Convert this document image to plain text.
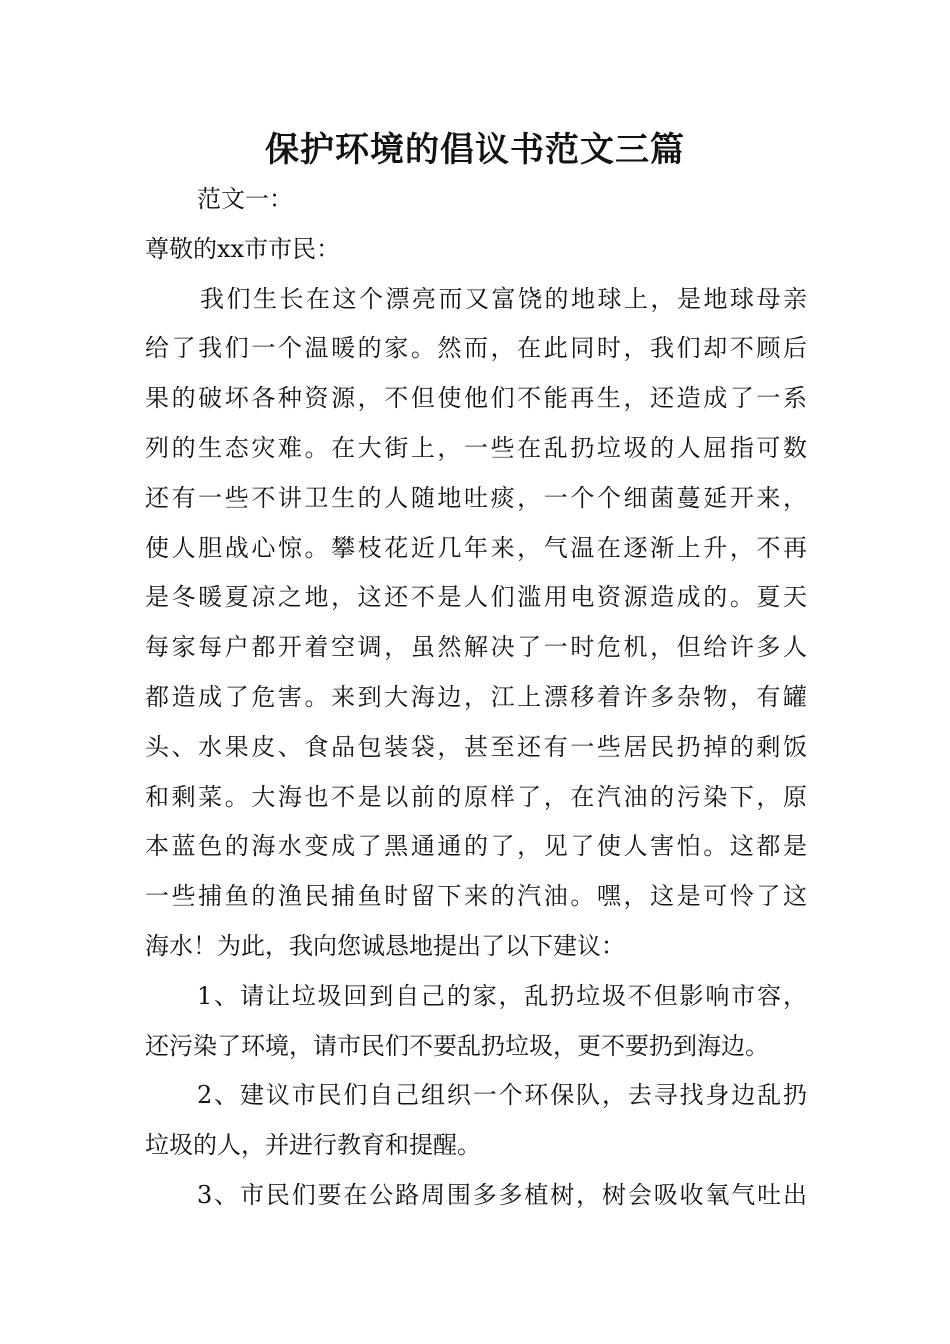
保护环境的倡议书范文三篇
范文一：
尊敬的xx市市民：
我们生长在这个漂亮而又富饶的地球上，是地球母亲
给了我们一个温暖的家。然而，在此同时，我们却不顾后
果的破坏各种资源，不但使他们不能再生，还造成了一系
列的生态灾难。在大街上，一些在乱扔垃圾的人屈指可数
还有一些不讲卫生的人随地吐痰，一个个细菌蔓延开来，
使人胆战心惊。攀枝花近几年来，气温在逐渐上升，不再
是冬暖夏凉之地，这还不是人们滥用电资源造成的。夏天
每家每户都开着空调，虽然解决了一时危机，但给许多人
都造成了危害。来到大海边，江上漂移着许多杂物，有罐
头、水果皮、食品包装袋，甚至还有一些居民扔掉的剩饭
和剩菜。大海也不是以前的原样了，在汽油的污染下，原
本蓝色的海水变成了黑通通的了，见了使人害怕。这都是
一些捕鱼的渔民捕鱼时留下来的汽油。嘿，这是可怜了这
海水！为此，我向您诚恳地提出了以下建议：
1、请让垃圾回到自己的家，乱扔垃圾不但影响市容，
还污染了环境，请市民们不要乱扔垃圾，更不要扔到海边。
2、建议市民们自己组织一个环保队，去寻找身边乱扔
垃圾的人，并进行教育和提醒。
3、市民们要在公路周围多多植树，树会吸收氧气吐出
